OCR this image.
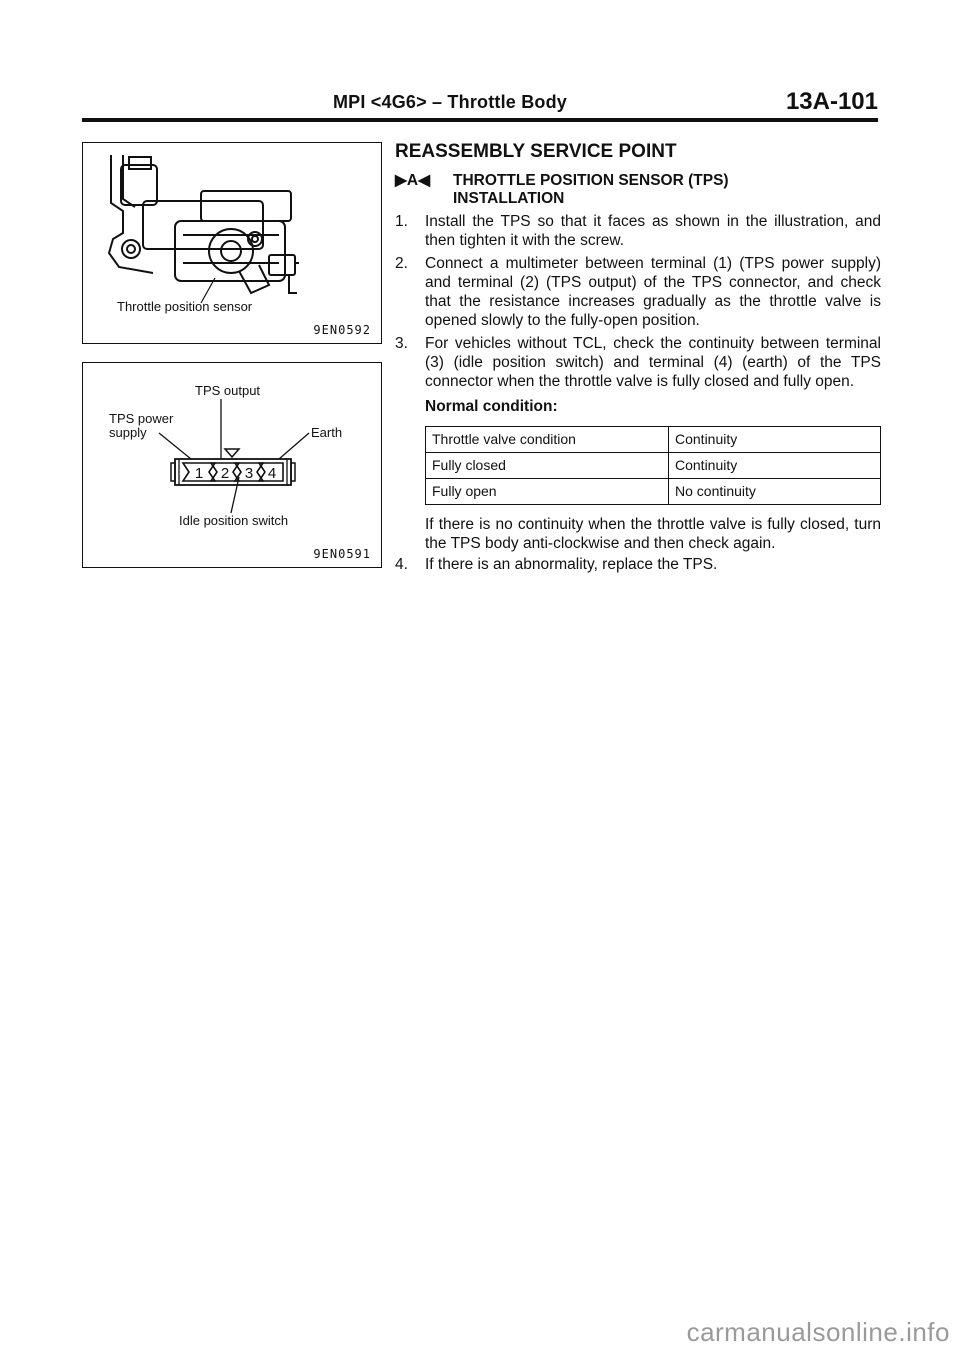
MPI <4G6> – Throttle Body	13A-101
Throttle position sensor
9EN0592
1 2 3 4
TPS output
TPS power
supply	Earth
Idle position switch
9EN0591
REASSEMBLY SERVICE POINT
▶A◀ THROTTLE POSITION SENSOR (TPS)
INSTALLATION
1.	Install the TPS so that it faces as shown in the illustration, and then tighten it with the screw.
2.	Connect a multimeter between terminal (1) (TPS power supply) and terminal (2) (TPS output) of the TPS connector, and check that the resistance increases gradually as the throttle valve is opened slowly to the fully-open position.
3.	For vehicles without TCL, check the continuity between terminal (3) (idle position switch) and terminal (4) (earth) of the TPS connector when the throttle valve is fully closed and fully open.
Normal condition:
Throttle valve condition	Continuity
Fully closed	Continuity
Fully open	No continuity
If there is no continuity when the throttle valve is fully closed, turn the TPS body anti-clockwise and then check again.
4.	If there is an abnormality, replace the TPS.
carmanualsonline.info
